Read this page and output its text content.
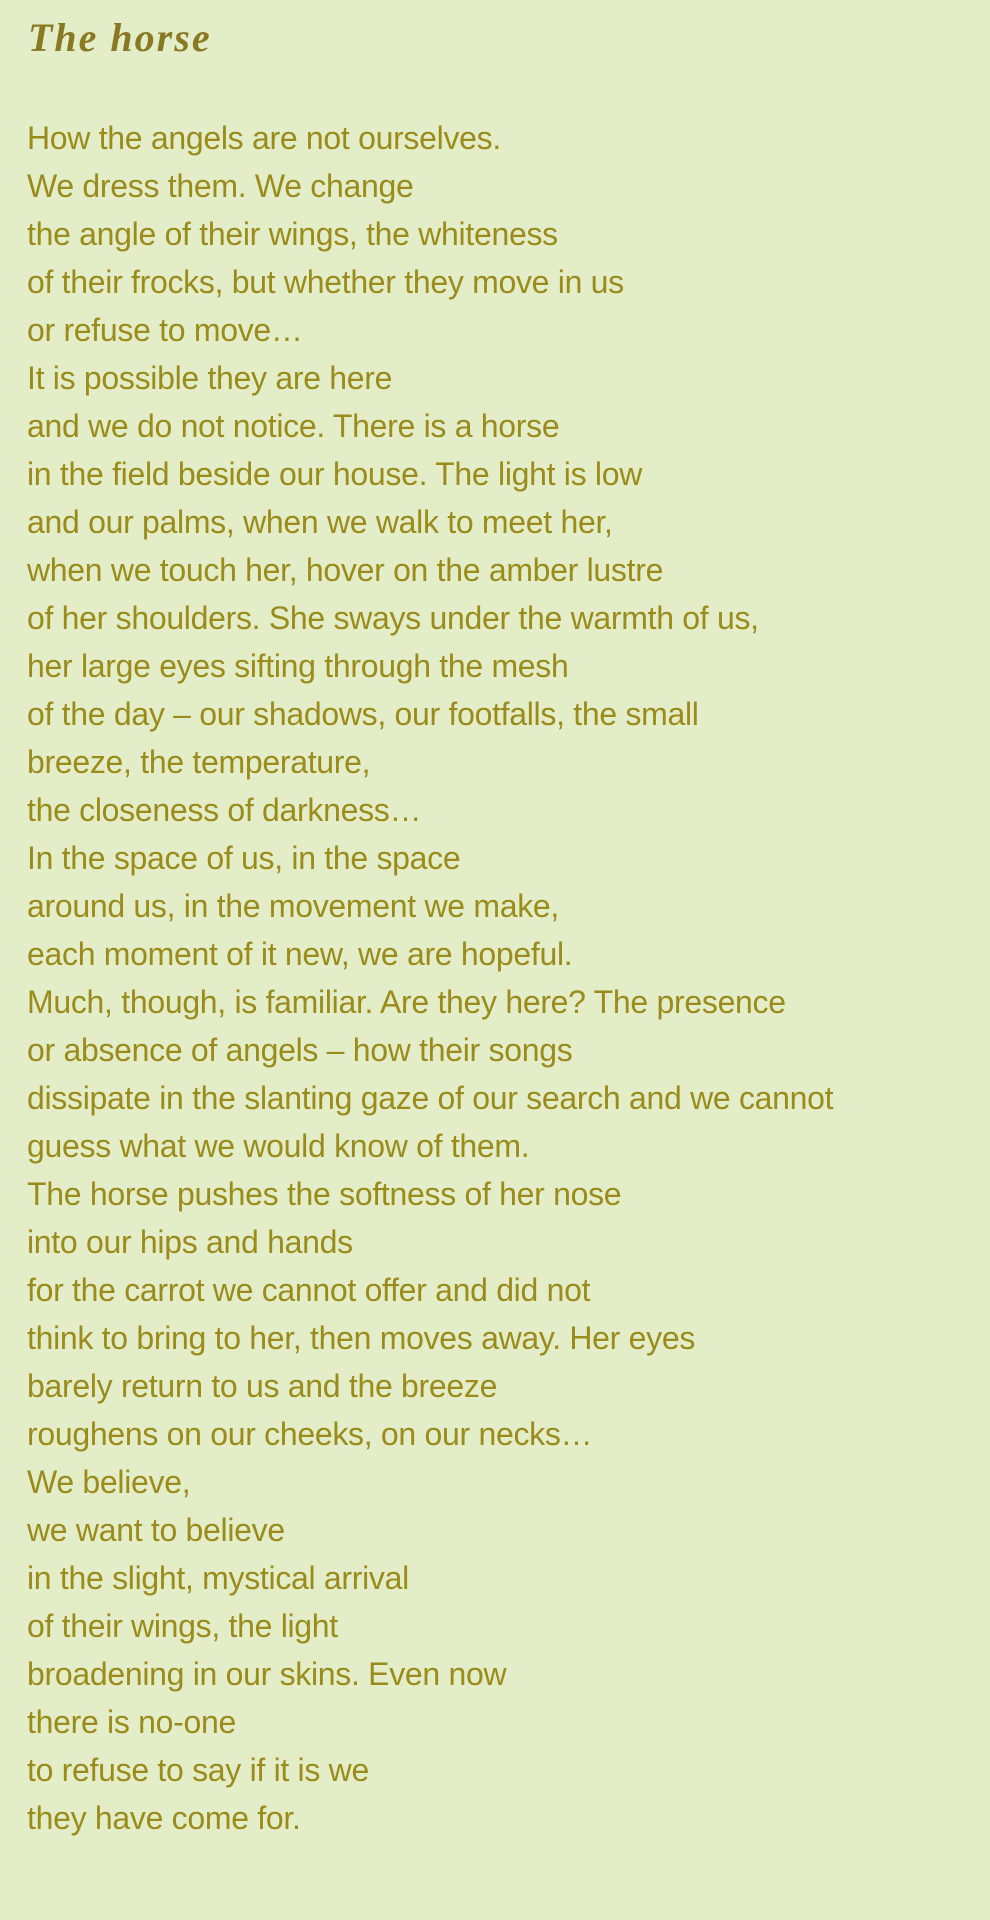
The horse
How the angels are not ourselves.
We dress them. We change
the angle of their wings, the whiteness
of their frocks, but whether they move in us
or refuse to move…
It is possible they are here
and we do not notice. There is a horse
in the field beside our house. The light is low
and our palms, when we walk to meet her,
when we touch her, hover on the amber lustre
of her shoulders. She sways under the warmth of us,
her large eyes sifting through the mesh
of the day – our shadows, our footfalls, the small
breeze, the temperature,
the closeness of darkness…
In the space of us, in the space
around us, in the movement we make,
each moment of it new, we are hopeful.
Much, though, is familiar. Are they here? The presence
or absence of angels – how their songs
dissipate in the slanting gaze of our search and we cannot
guess what we would know of them.
The horse pushes the softness of her nose
into our hips and hands
for the carrot we cannot offer and did not
think to bring to her, then moves away. Her eyes
barely return to us and the breeze
roughens on our cheeks, on our necks…
We believe,
we want to believe
in the slight, mystical arrival
of their wings, the light
broadening in our skins. Even now
there is no-one
to refuse to say if it is we
they have come for.
